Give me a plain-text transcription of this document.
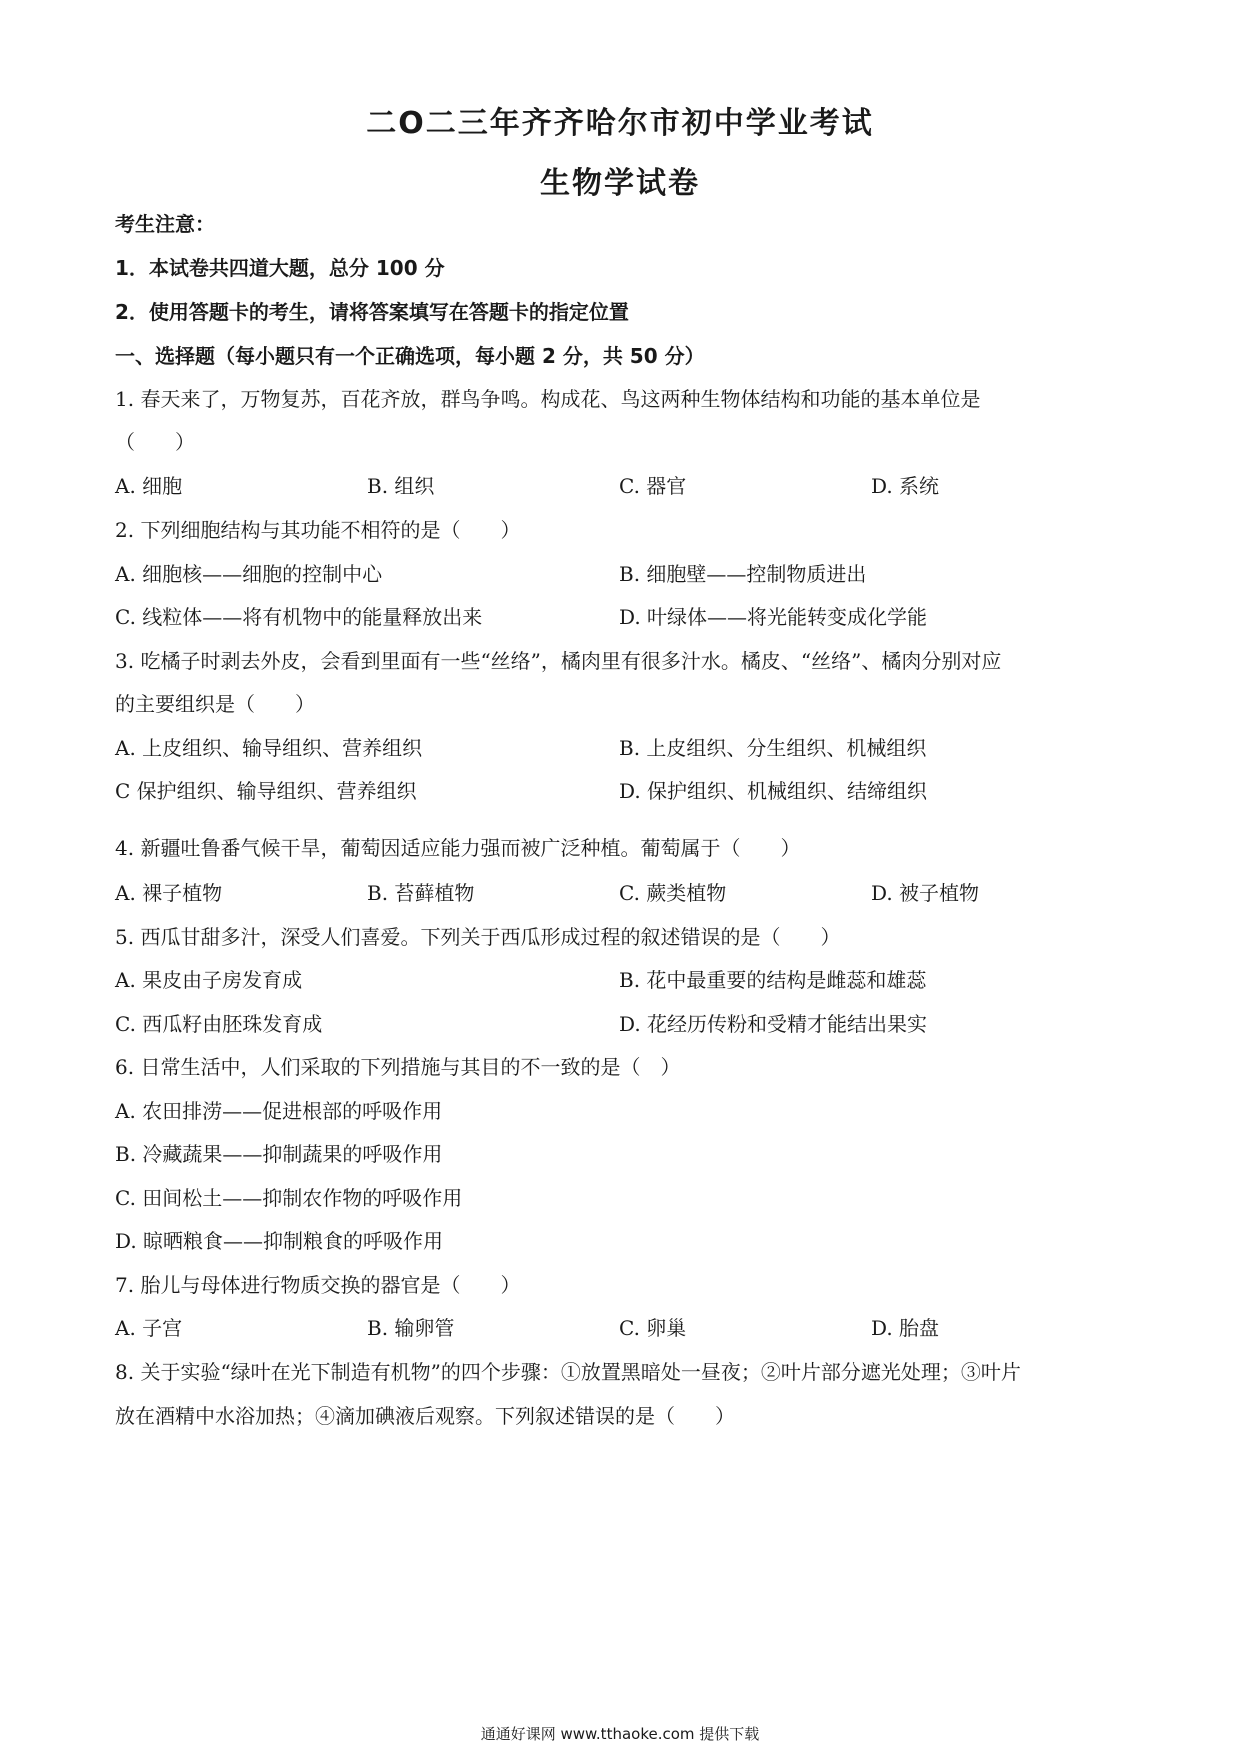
二O二三年齐齐哈尔市初中学业考试
生物学试卷
考生注意：
1．本试卷共四道大题，总分 100 分
2．使用答题卡的考生，请将答案填写在答题卡的指定位置
一、选择题（每小题只有一个正确选项，每小题 2 分，共 50 分）
1. 春天来了，万物复苏，百花齐放，群鸟争鸣。构成花、鸟这两种生物体结构和功能的基本单位是
（　　）
A. 细胞	B. 组织	C. 器官	D. 系统
2. 下列细胞结构与其功能不相符的是（　　）
A. 细胞核——细胞的控制中心	B. 细胞壁——控制物质进出
C. 线粒体——将有机物中的能量释放出来	D. 叶绿体——将光能转变成化学能
3. 吃橘子时剥去外皮，会看到里面有一些“丝络”，橘肉里有很多汁水。橘皮、“丝络”、橘肉分别对应
的主要组织是（　　）
A. 上皮组织、输导组织、营养组织	B. 上皮组织、分生组织、机械组织
C 保护组织、输导组织、营养组织	D. 保护组织、机械组织、结缔组织
4. 新疆吐鲁番气候干旱，葡萄因适应能力强而被广泛种植。葡萄属于（　　）
A. 裸子植物	B. 苔藓植物	C. 蕨类植物	D. 被子植物
5. 西瓜甘甜多汁，深受人们喜爱。下列关于西瓜形成过程的叙述错误的是（　　）
A. 果皮由子房发育成	B. 花中最重要的结构是雌蕊和雄蕊
C. 西瓜籽由胚珠发育成	D. 花经历传粉和受精才能结出果实
6. 日常生活中，人们采取的下列措施与其目的不一致的是（　）
A. 农田排涝——促进根部的呼吸作用
B. 冷藏蔬果——抑制蔬果的呼吸作用
C. 田间松土——抑制农作物的呼吸作用
D. 晾晒粮食——抑制粮食的呼吸作用
7. 胎儿与母体进行物质交换的器官是（　　）
A. 子宫	B. 输卵管	C. 卵巢	D. 胎盘
8. 关于实验“绿叶在光下制造有机物”的四个步骤：①放置黑暗处一昼夜；②叶片部分遮光处理；③叶片
放在酒精中水浴加热；④滴加碘液后观察。下列叙述错误的是（　　）
通通好课网 www.tthaoke.com 提供下载
